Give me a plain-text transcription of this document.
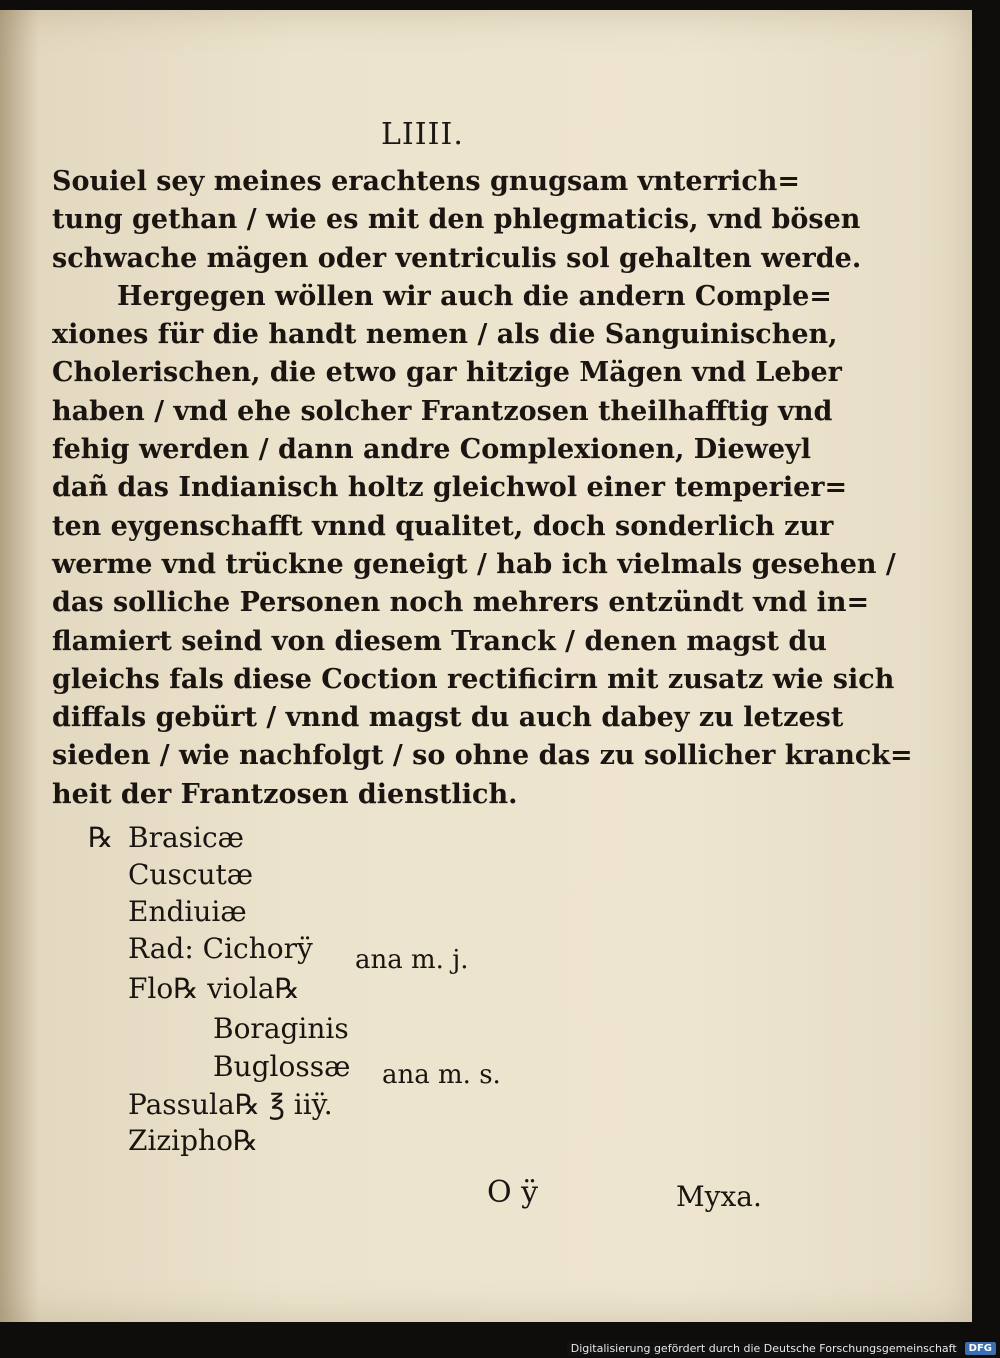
LIIII.
Souiel sey meines erachtens gnugsam vnterrich=
tung gethan / wie es mit den phlegmaticis, vnd bösen
schwache mägen oder ventriculis sol gehalten werde.
Hergegen wöllen wir auch die andern Comple=
xiones für die handt nemen / als die Sanguinischen,
Cholerischen, die etwo gar hitzige Mägen vnd Leber
haben / vnd ehe solcher Frantzosen theilhafftig vnd
fehig werden / dann andre Complexionen, Dieweyl
dañ das Indianisch holtz gleichwol einer temperier=
ten eygenschafft vnnd qualitet, doch sonderlich zur
werme vnd trückne geneigt / hab ich vielmals gesehen /
das solliche Personen noch mehrers entzündt vnd in=
flamiert seind von diesem Tranck / denen magst du
gleichs fals diese Coction rectificirn mit zusatz wie sich
diffals gebürt / vnnd magst du auch dabey zu letzest
sieden / wie nachfolgt / so ohne das zu sollicher kranck=
heit der Frantzosen dienstlich.
℞ Brasicæ
Cuscutæ
Endiuiæ
Rad: Cichorÿ ana m. j.
Flo℞ viola℞
Boraginis
Buglossæ ana m. s.
Passula℞ ℥ iiÿ.
Zizipho℞
O ÿ	Myxa.
Digitalisierung gefördert durch die Deutsche Forschungsgemeinschaft	DFG
